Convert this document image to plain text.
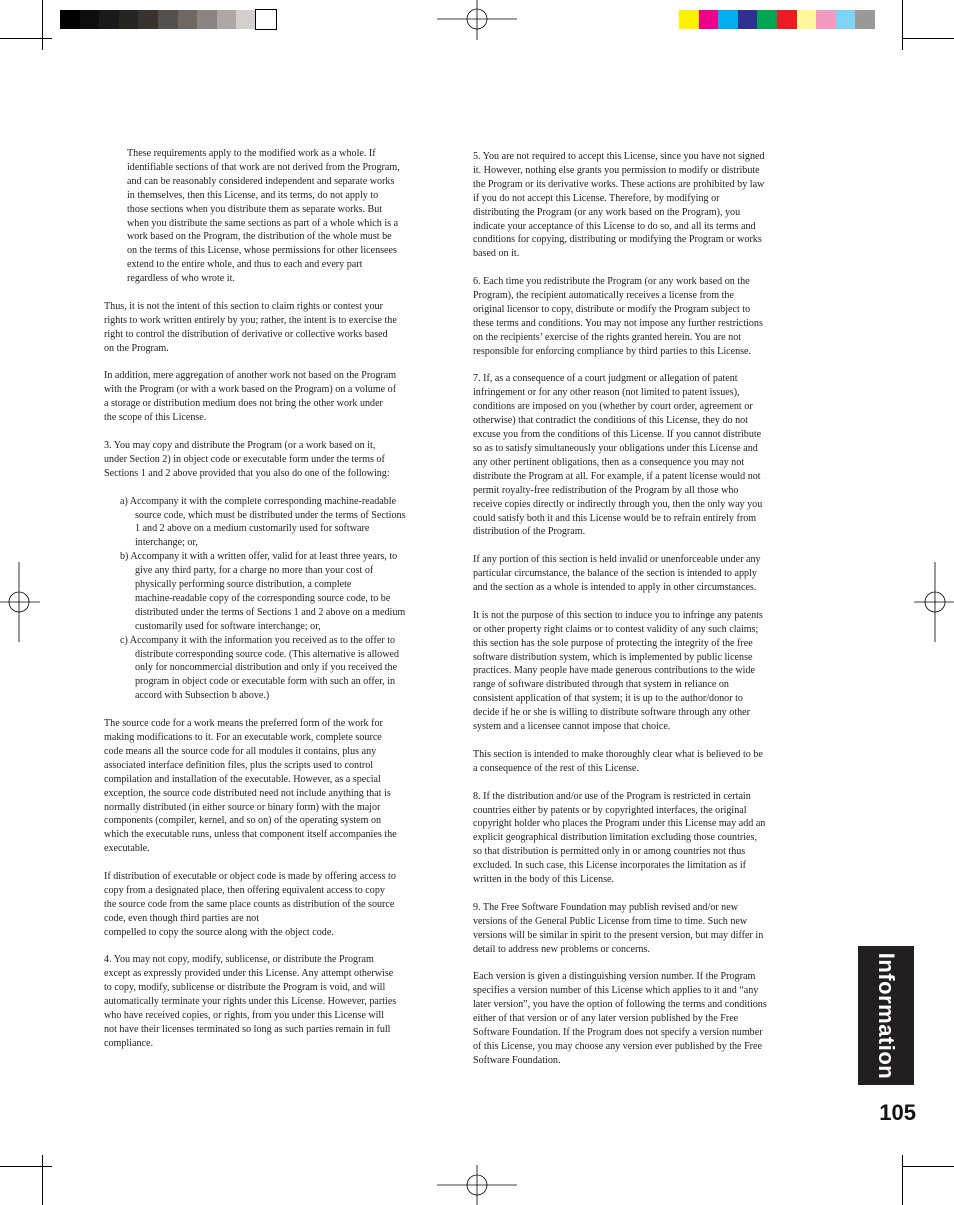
These requirements apply to the modified work as a whole. If
identifiable sections of that work are not derived from the Program,
and can be reasonably considered independent and separate works
in themselves, then this License, and its terms, do not apply to
those sections when you distribute them as separate works. But
when you distribute the same sections as part of a whole which is a
work based on the Program, the distribution of the whole must be
on the terms of this License, whose permissions for other licensees
extend to the entire whole, and thus to each and every part
regardless of who wrote it.

Thus, it is not the intent of this section to claim rights or contest your
rights to work written entirely by you; rather, the intent is to exercise the
right to control the distribution of derivative or collective works based
on the Program.

In addition, mere aggregation of another work not based on the Program
with the Program (or with a work based on the Program) on a volume of
a storage or distribution medium does not bring the other work under
the scope of this License.

3. You may copy and distribute the Program (or a work based on it,
under Section 2) in object code or executable form under the terms of
Sections 1 and 2 above provided that you also do one of the following:

a) Accompany it with the complete corresponding machine-readable
source code, which must be distributed under the terms of Sections
1 and 2 above on a medium customarily used for software
interchange; or,

b) Accompany it with a written offer, valid for at least three years, to
give any third party, for a charge no more than your cost of
physically performing source distribution, a complete
machine-readable copy of the corresponding source code, to be
distributed under the terms of Sections 1 and 2 above on a medium
customarily used for software interchange; or,

c) Accompany it with the information you received as to the offer to
distribute corresponding source code. (This alternative is allowed
only for noncommercial distribution and only if you received the
program in object code or executable form with such an offer, in
accord with Subsection b above.)

The source code for a work means the preferred form of the work for
making modifications to it. For an executable work, complete source
code means all the source code for all modules it contains, plus any
associated interface definition files, plus the scripts used to control
compilation and installation of the executable. However, as a special
exception, the source code distributed need not include anything that is
normally distributed (in either source or binary form) with the major
components (compiler, kernel, and so on) of the operating system on
which the executable runs, unless that component itself accompanies the
executable.

If distribution of executable or object code is made by offering access to
copy from a designated place, then offering equivalent access to copy
the source code from the same place counts as distribution of the source
code, even though third parties are not
compelled to copy the source along with the object code.

4. You may not copy, modify, sublicense, or distribute the Program
except as expressly provided under this License. Any attempt otherwise
to copy, modify, sublicense or distribute the Program is void, and will
automatically terminate your rights under this License. However, parties
who have received copies, or rights, from you under this License will
not have their licenses terminated so long as such parties remain in full
compliance.

5. You are not required to accept this License, since you have not signed
it. However, nothing else grants you permission to modify or distribute
the Program or its derivative works. These actions are prohibited by law
if you do not accept this License. Therefore, by modifying or
distributing the Program (or any work based on the Program), you
indicate your acceptance of this License to do so, and all its terms and
conditions for copying, distributing or modifying the Program or works
based on it.

6. Each time you redistribute the Program (or any work based on the
Program), the recipient automatically receives a license from the
original licensor to copy, distribute or modify the Program subject to
these terms and conditions. You may not impose any further restrictions
on the recipients’ exercise of the rights granted herein. You are not
responsible for enforcing compliance by third parties to this License.

7. If, as a consequence of a court judgment or allegation of patent
infringement or for any other reason (not limited to patent issues),
conditions are imposed on you (whether by court order, agreement or
otherwise) that contradict the conditions of this License, they do not
excuse you from the conditions of this License. If you cannot distribute
so as to satisfy simultaneously your obligations under this License and
any other pertinent obligations, then as a consequence you may not
distribute the Program at all. For example, if a patent license would not
permit royalty-free redistribution of the Program by all those who
receive copies directly or indirectly through you, then the only way you
could satisfy both it and this License would be to refrain entirely from
distribution of the Program.

If any portion of this section is held invalid or unenforceable under any
particular circumstance, the balance of the section is intended to apply
and the section as a whole is intended to apply in other circumstances.

It is not the purpose of this section to induce you to infringe any patents
or other property right claims or to contest validity of any such claims;
this section has the sole purpose of protecting the integrity of the free
software distribution system, which is implemented by public license
practices. Many people have made generous contributions to the wide
range of software distributed through that system in reliance on
consistent application of that system; it is up to the author/donor to
decide if he or she is willing to distribute software through any other
system and a licensee cannot impose that choice.

This section is intended to make thoroughly clear what is believed to be
a consequence of the rest of this License.

8. If the distribution and/or use of the Program is restricted in certain
countries either by patents or by copyrighted interfaces, the original
copyright holder who places the Program under this License may add an
explicit geographical distribution limitation excluding those countries,
so that distribution is permitted only in or among countries not thus
excluded. In such case, this License incorporates the limitation as if
written in the body of this License.

9. The Free Software Foundation may publish revised and/or new
versions of the General Public License from time to time. Such new
versions will be similar in spirit to the present version, but may differ in
detail to address new problems or concerns.

Each version is given a distinguishing version number. If the Program
specifies a version number of this License which applies to it and “any
later version”, you have the option of following the terms and conditions
either of that version or of any later version published by the Free
Software Foundation. If the Program does not specify a version number
of this License, you may choose any version ever published by the Free
Software Foundation.	Information
105
